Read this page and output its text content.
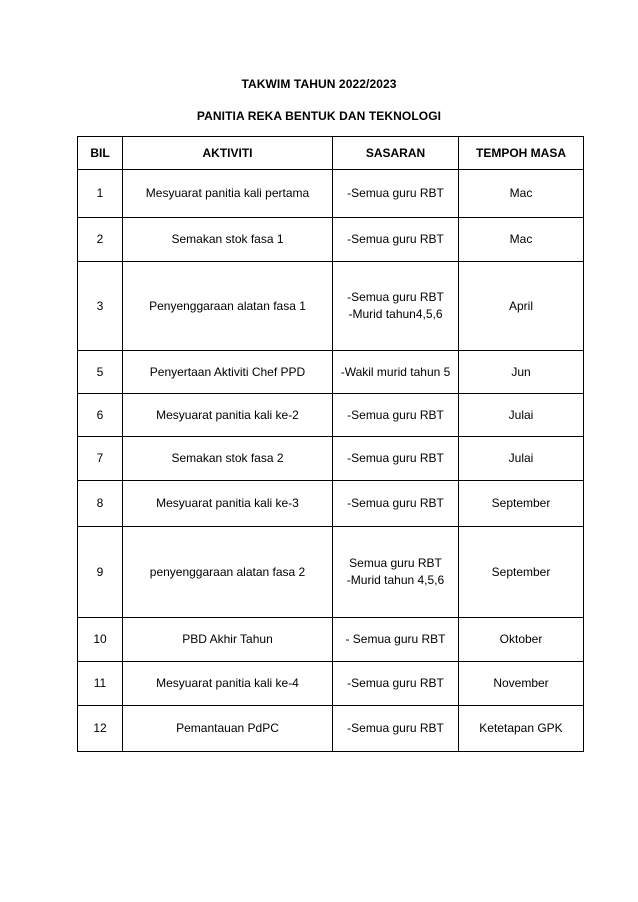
TAKWIM TAHUN 2022/2023
PANITIA REKA BENTUK DAN TEKNOLOGI
BIL	AKTIVITI	SASARAN	TEMPOH MASA
1	Mesyuarat panitia kali pertama	-Semua guru RBT	Mac
2	Semakan stok fasa 1	-Semua guru RBT	Mac
3	Penyenggaraan alatan fasa 1	-Semua guru RBT
-Murid tahun4,5,6	April
5	Penyertaan Aktiviti Chef PPD	-Wakil murid tahun 5	Jun
6	Mesyuarat panitia kali ke-2	-Semua guru RBT	Julai
7	Semakan stok fasa 2	-Semua guru RBT	Julai
8	Mesyuarat panitia kali ke-3	-Semua guru RBT	September
9	penyenggaraan alatan fasa 2	Semua guru RBT
-Murid tahun 4,5,6	September
10	PBD Akhir Tahun	- Semua guru RBT	Oktober
11	Mesyuarat panitia kali ke-4	-Semua guru RBT	November
12	Pemantauan PdPC	-Semua guru RBT	Ketetapan GPK
